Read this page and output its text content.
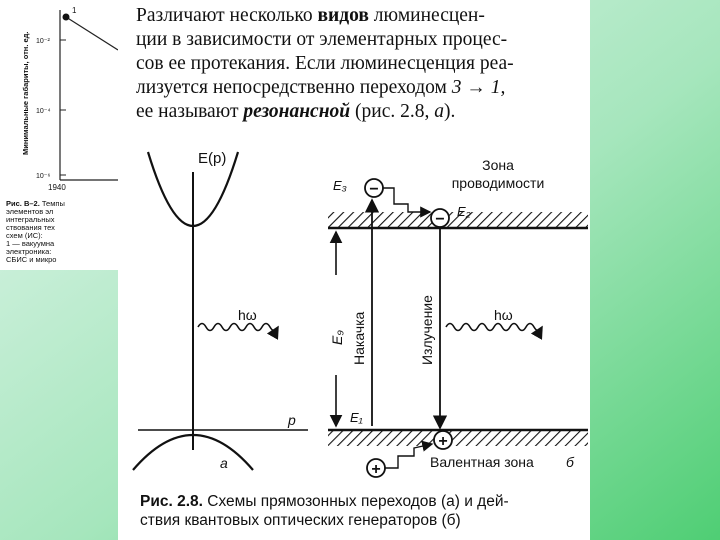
1
10⁻²
10⁻⁴
10⁻⁶
1940
Минимальные габариты, отн. ед.
Рис. В–2. Темпы
элементов эл
интегральных
ствования тех
схем (ИС):
1 — вакуумна
электроника:
СБИС и микро
Различают несколько видов люминесцен-
ции в зависимости от элементарных процес-
сов ее протекания. Если люминесценция реа-
лизуется непосредственно переходом 3 → 1,
ее называют резонансной (рис. 2.8, а).
E(p)
p
hω
а
Зона
проводимости
Валентная зона б
E₃
E₂
E₁
−
−
+
+
E₉ Накачка	Излучение	hω
Рис. 2.8. Схемы прямозонных переходов (а) и дей-
ствия квантовых оптических генераторов (б)
